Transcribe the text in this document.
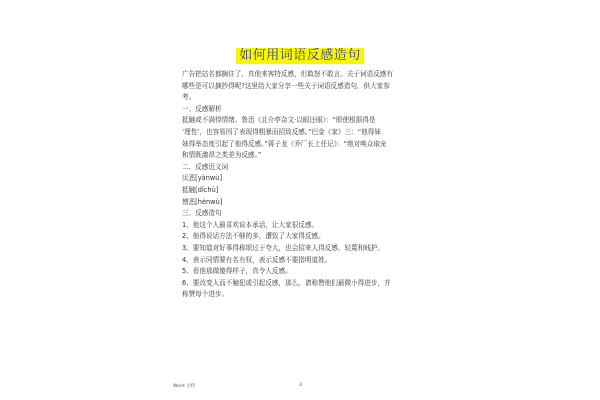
如何用词语反感造句

广告把站名都搁住了，真他来客特反感，但敢怒不敢言。关于词语反感有

哪些是可以摘抄得呢?这里给大家分享一些关于词语反感造句，供大家参

考。

一、反感解析

抵触或不满得情绪。鲁迅《且介亭杂文·以眼还眼》：“即使根据得是

‘理性’，也容易因了表现得粗暴而招致反感。”巴金《家》三：“他得妹

妹得举态度引起了他得反感。”蒋子龙《乔厂长上任记》：“绝对唤众取宠

和情既激昂之类差为反感。”

二、反感近义词

厌恶[yànwù]

抵触[dǐchù]

憎恶[hènwù]

三、反感造句

1、他这个人最喜欢说本承话，让大家很反感。

2、他得说话方法不够的多，遭致了大家得反感。

3、要知道对好事得称颂过于夸大，也会招来人得反感、轻蔑和贱护。

4、表示同情要有名有权，表示反感不要指明道姓。

5、看他那做傻得样子，真令人反感。

6、要改变人而不触犯或引起反感，那么，请称赞他们最微小得进步，并

称赞每个进步。

Word 文档	3
